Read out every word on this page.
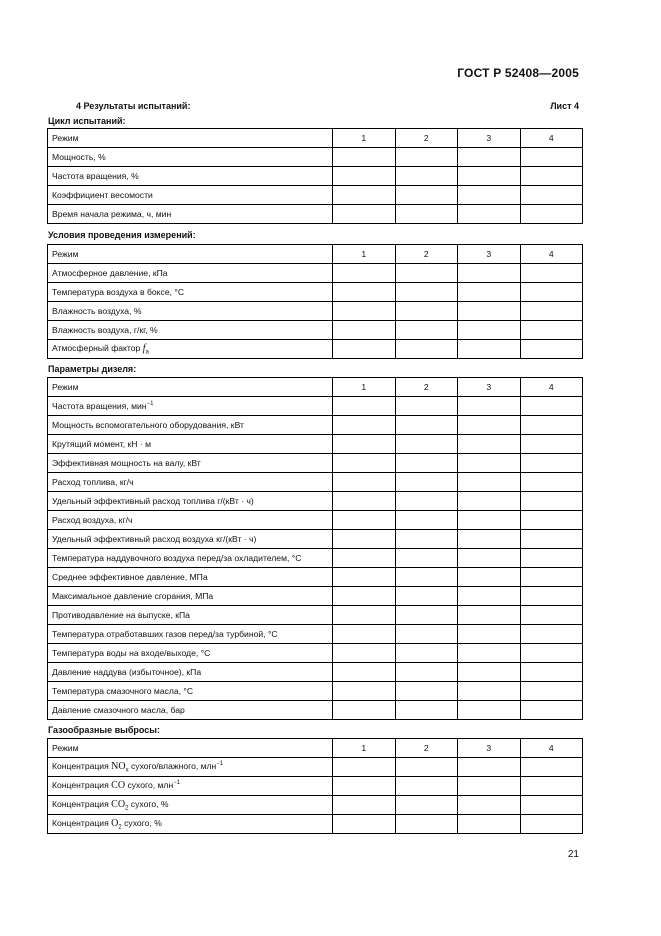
ГОСТ Р 52408—2005
4 Результаты испытаний:	Лист 4
Цикл испытаний:
Режим	1	2	3	4
Мощность, %				
Частота вращения, %				
Коэффициент весомости				
Время начала режима, ч, мин				
Условия проведения измерений:
Режим	1	2	3	4
Атмосферное давление, кПа				
Температура воздуха в боксе, °С				
Влажность воздуха, %				
Влажность воздуха, г/кг, %				
Атмосферный фактор $f_a$				
Параметры дизеля:
Режим	1	2	3	4
Частота вращения, мин$^{-1}$				
Мощность вспомогательного оборудования, кВт				
Крутящий момент, кН · м				
Эффективная мощность на валу, кВт				
Расход топлива, кг/ч				
Удельный эффективный расход топлива г/(кВт · ч)				
Расход воздуха, кг/ч				
Удельный эффективный расход воздуха кг/(кВт · ч)				
Температура наддувочного воздуха перед/за охладителем, °С				
Среднее эффективное давление, МПа				
Максимальное давление сгорания, МПа				
Противодавление на выпуске, кПа				
Температура отработавших газов перед/за турбиной, °С				
Температура воды на входе/выходе, °С				
Давление наддува (избыточное), кПа				
Температура смазочного масла, °С				
Давление смазочного масла, бар				
Газообразные выбросы:
Режим	1	2	3	4
Концентрация $NO_x$ сухого/влажного, млн$^{-1}$				
Концентрация CO сухого, млн$^{-1}$				
Концентрация $CO_2$ сухого, %				
Концентрация $O_2$ сухого, %				
21
